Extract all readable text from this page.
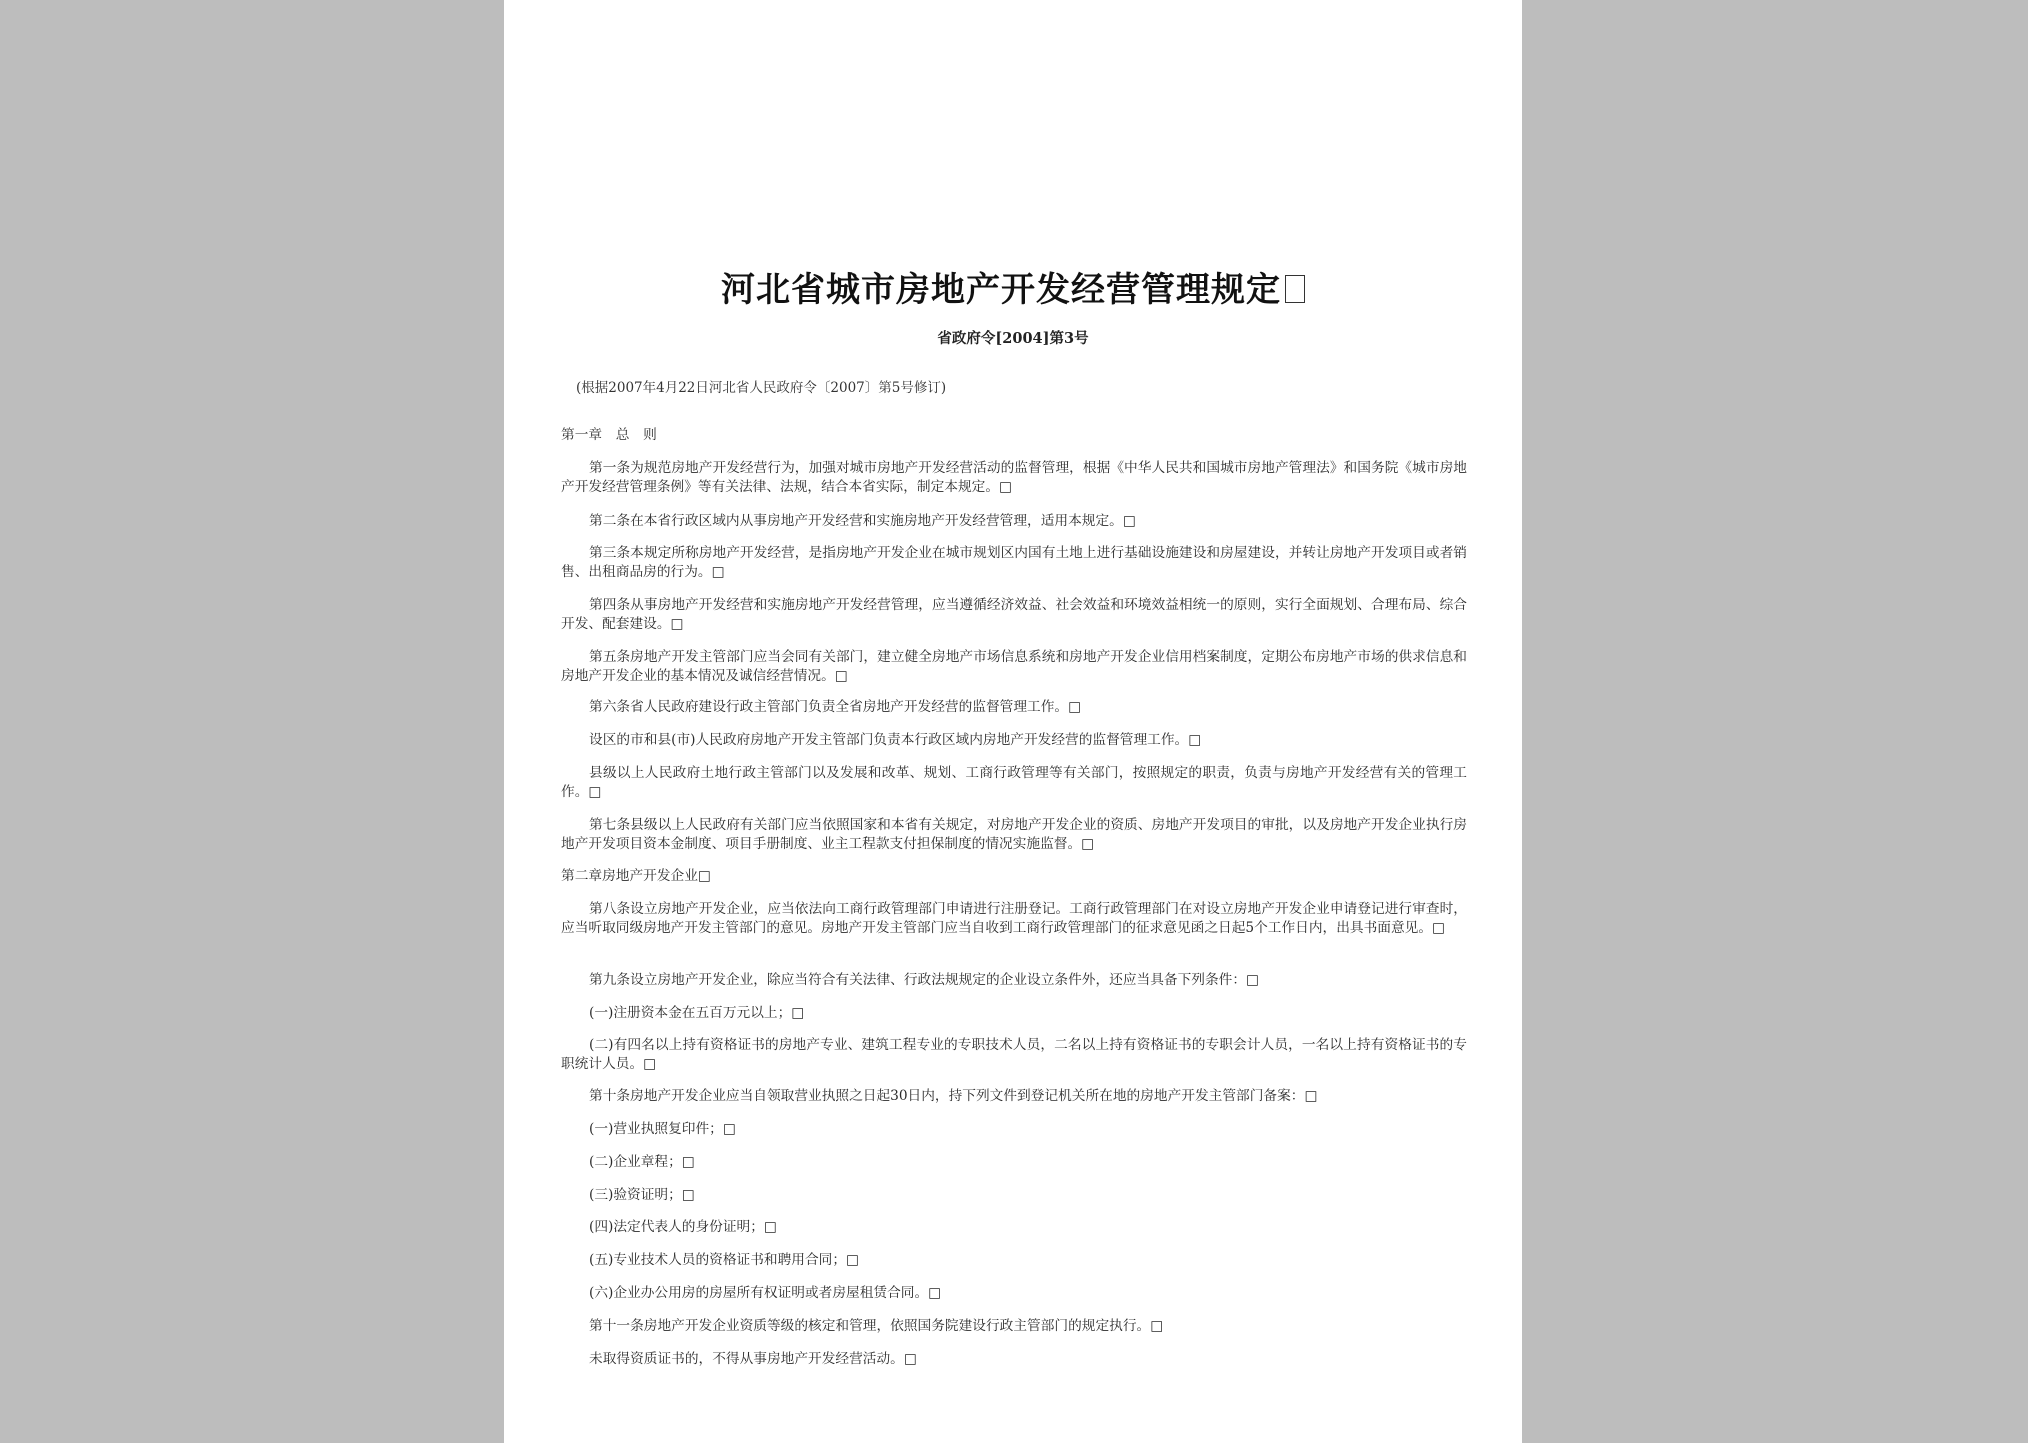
河北省城市房地产开发经营管理规定
省政府令[2004]第3号
(根据2007年4月22日河北省人民政府令〔2007〕第5号修订)
第一章　总　则
第一条为规范房地产开发经营行为，加强对城市房地产开发经营活动的监督管理，根据《中华人民共和国城市房地产管理法》和国务院《城市房地产开发经营管理条例》等有关法律、法规，结合本省实际，制定本规定。□
第二条在本省行政区域内从事房地产开发经营和实施房地产开发经营管理，适用本规定。□
第三条本规定所称房地产开发经营，是指房地产开发企业在城市规划区内国有土地上进行基础设施建设和房屋建设，并转让房地产开发项目或者销售、出租商品房的行为。□
第四条从事房地产开发经营和实施房地产开发经营管理，应当遵循经济效益、社会效益和环境效益相统一的原则，实行全面规划、合理布局、综合开发、配套建设。□
第五条房地产开发主管部门应当会同有关部门，建立健全房地产市场信息系统和房地产开发企业信用档案制度，定期公布房地产市场的供求信息和房地产开发企业的基本情况及诚信经营情况。□
第六条省人民政府建设行政主管部门负责全省房地产开发经营的监督管理工作。□
设区的市和县(市)人民政府房地产开发主管部门负责本行政区域内房地产开发经营的监督管理工作。□
县级以上人民政府土地行政主管部门以及发展和改革、规划、工商行政管理等有关部门，按照规定的职责，负责与房地产开发经营有关的管理工作。□
第七条县级以上人民政府有关部门应当依照国家和本省有关规定，对房地产开发企业的资质、房地产开发项目的审批，以及房地产开发企业执行房地产开发项目资本金制度、项目手册制度、业主工程款支付担保制度的情况实施监督。□
第二章房地产开发企业□
第八条设立房地产开发企业，应当依法向工商行政管理部门申请进行注册登记。工商行政管理部门在对设立房地产开发企业申请登记进行审查时，应当听取同级房地产开发主管部门的意见。房地产开发主管部门应当自收到工商行政管理部门的征求意见函之日起5个工作日内，出具书面意见。□
第九条设立房地产开发企业，除应当符合有关法律、行政法规规定的企业设立条件外，还应当具备下列条件：□
(一)注册资本金在五百万元以上；□
(二)有四名以上持有资格证书的房地产专业、建筑工程专业的专职技术人员，二名以上持有资格证书的专职会计人员，一名以上持有资格证书的专职统计人员。□
第十条房地产开发企业应当自领取营业执照之日起30日内，持下列文件到登记机关所在地的房地产开发主管部门备案：□
(一)营业执照复印件；□
(二)企业章程；□
(三)验资证明；□
(四)法定代表人的身份证明；□
(五)专业技术人员的资格证书和聘用合同；□
(六)企业办公用房的房屋所有权证明或者房屋租赁合同。□
第十一条房地产开发企业资质等级的核定和管理，依照国务院建设行政主管部门的规定执行。□
未取得资质证书的，不得从事房地产开发经营活动。□
